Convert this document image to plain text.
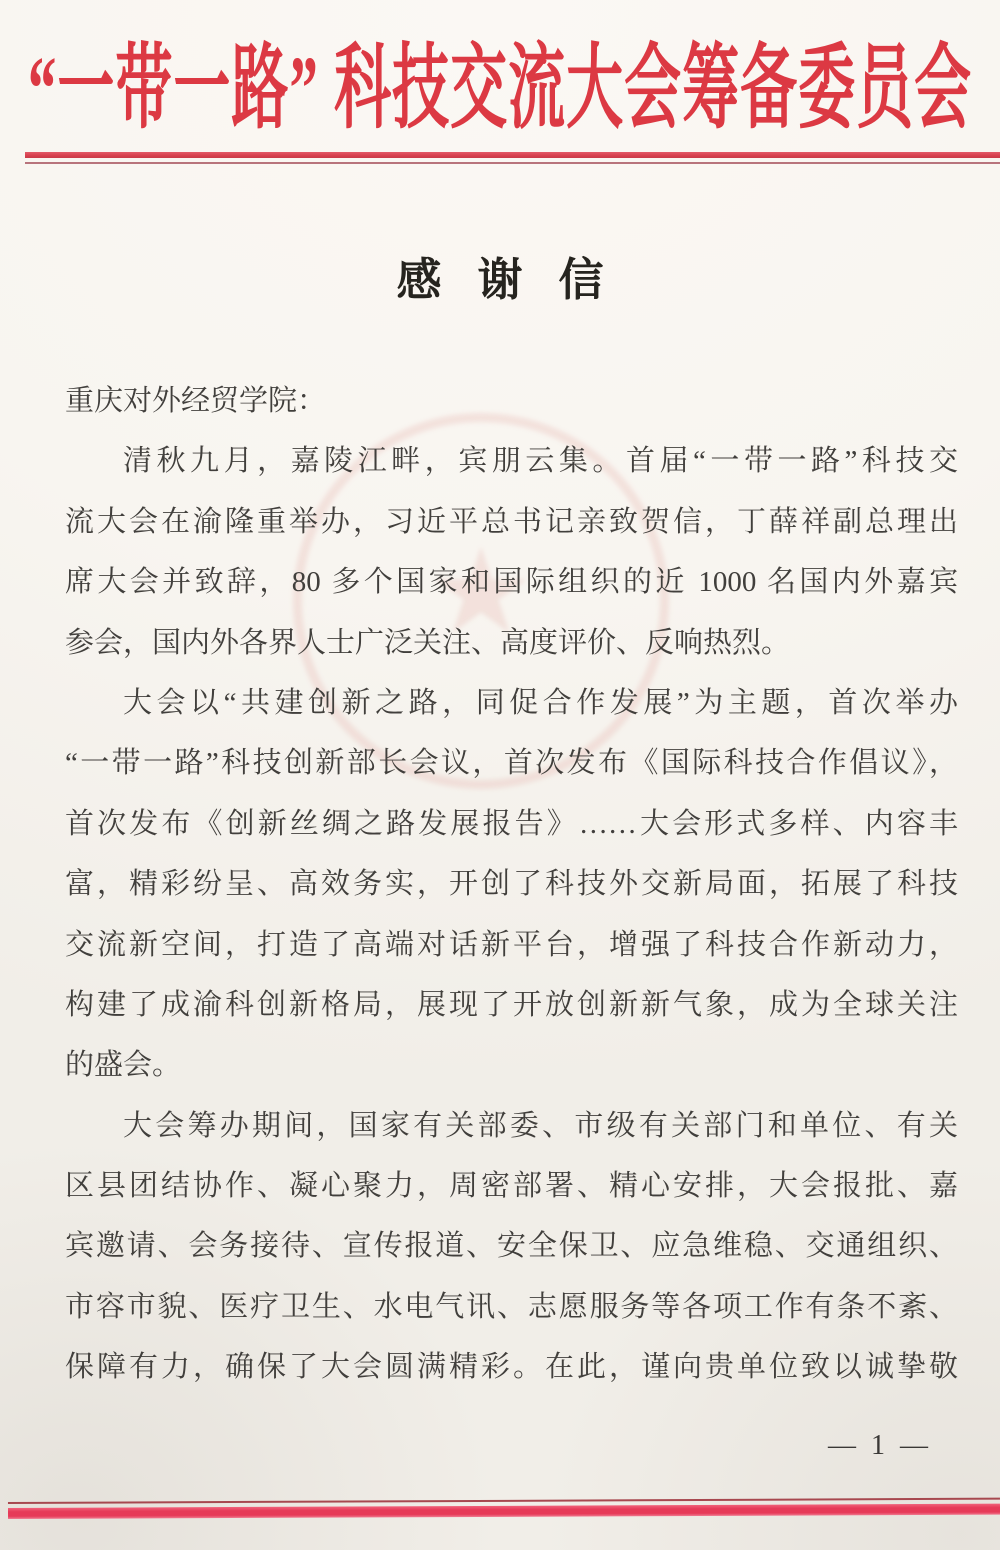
“一带一路” 科技交流大会筹备委员会
★
感谢信
重庆对外经贸学院：
清秋九月，嘉陵江畔，宾朋云集。首届“一带一路”科技交
流大会在渝隆重举办，习近平总书记亲致贺信，丁薛祥副总理出
席大会并致辞，80 多个国家和国际组织的近 1000 名国内外嘉宾
参会，国内外各界人士广泛关注、高度评价、反响热烈。
大会以“共建创新之路，同促合作发展”为主题，首次举办
“一带一路”科技创新部长会议，首次发布《国际科技合作倡议》，
首次发布《创新丝绸之路发展报告》……大会形式多样、内容丰
富，精彩纷呈、高效务实，开创了科技外交新局面，拓展了科技
交流新空间，打造了高端对话新平台，增强了科技合作新动力，
构建了成渝科创新格局，展现了开放创新新气象，成为全球关注
的盛会。
大会筹办期间，国家有关部委、市级有关部门和单位、有关
区县团结协作、凝心聚力，周密部署、精心安排，大会报批、嘉
宾邀请、会务接待、宣传报道、安全保卫、应急维稳、交通组织、
市容市貌、医疗卫生、水电气讯、志愿服务等各项工作有条不紊、
保障有力，确保了大会圆满精彩。在此，谨向贵单位致以诚挚敬
— 1 —
